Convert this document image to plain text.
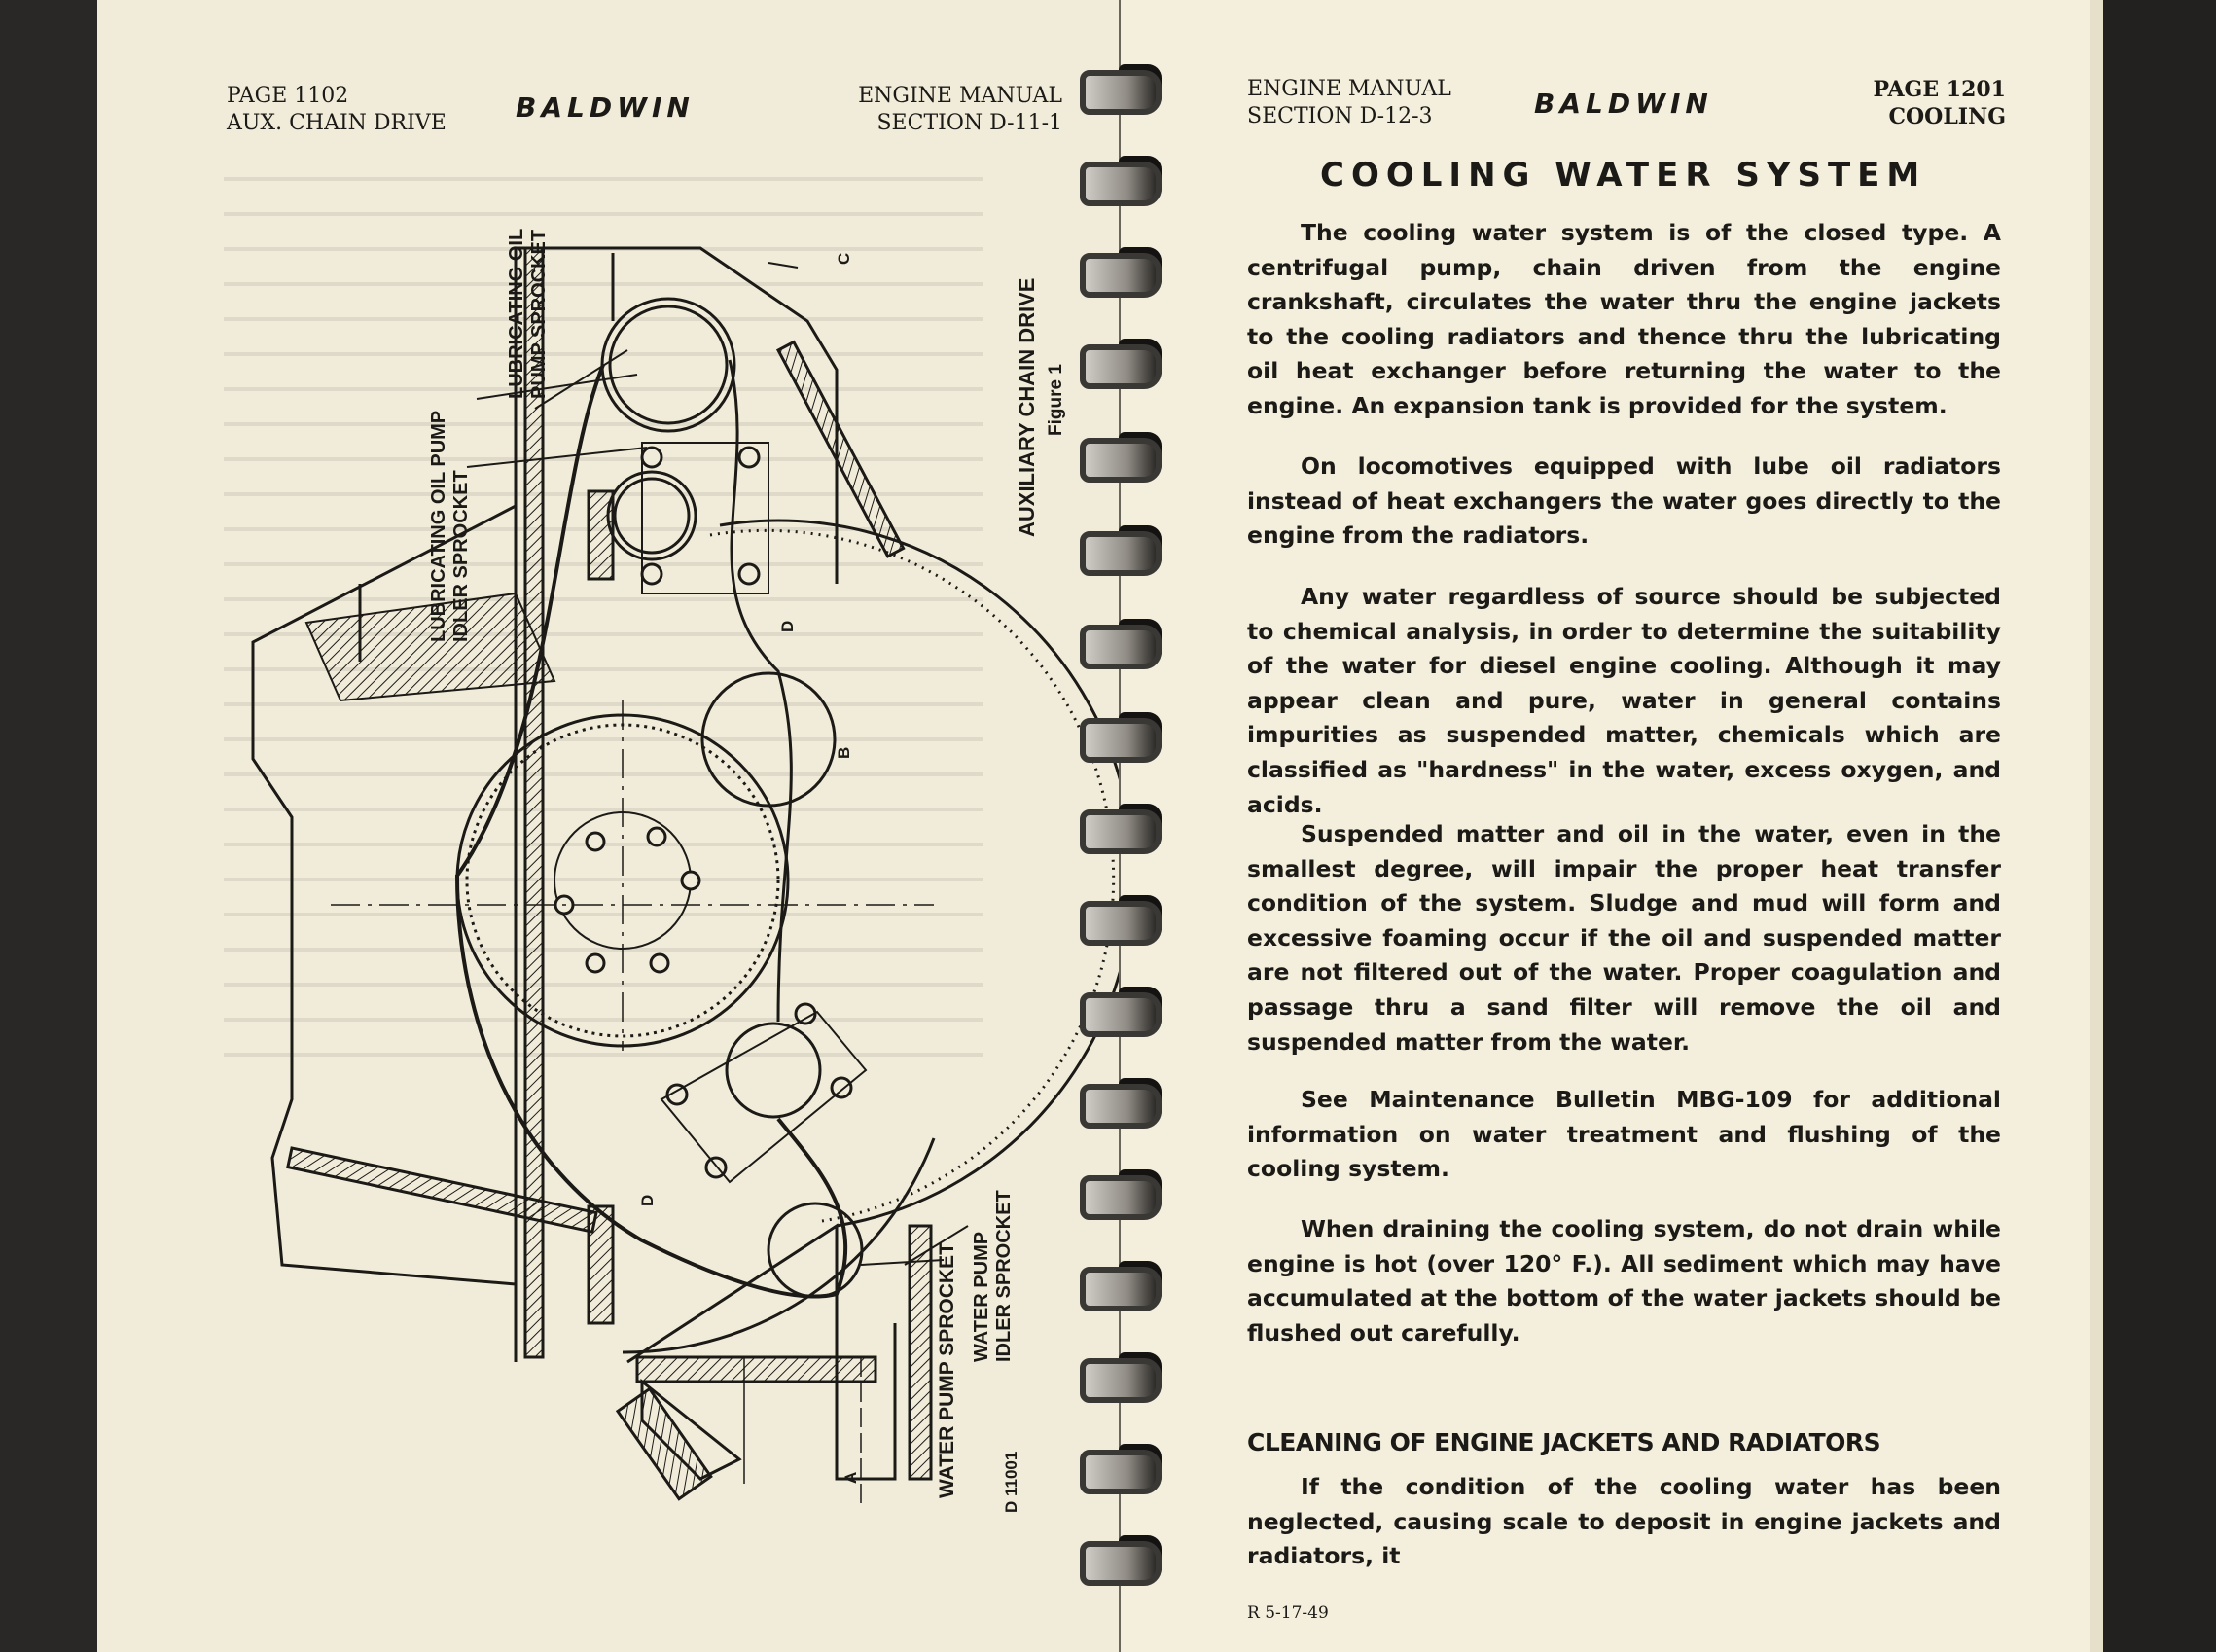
PAGE 1102
AUX. CHAIN DRIVE	BALDWIN	ENGINE MANUAL
SECTION D-11-1
LUBRICATING OIL PUMP IDLER SPROCKET
LUBRICATING OIL PUMP SPROCKET
WATER PUMP SPROCKET WATER PUMP IDLER SPROCKET
AUXILIARY CHAIN DRIVE Figure 1
D 11001
C
B
D
D
A
ENGINE MANUAL
SECTION D-12-3	BALDWIN	PAGE 1201
COOLING
COOLING WATER SYSTEM
The cooling water system is of the closed type. A centrifugal pump, chain driven from the engine crankshaft, circulates the water thru the engine jackets to the cooling radiators and thence thru the lubricating oil heat exchanger before returning the water to the engine. An expansion tank is provided for the system.
On locomotives equipped with lube oil radiators instead of heat exchangers the water goes directly to the engine from the radiators.
Any water regardless of source should be subjected to chemical analysis, in order to determine the suitability of the water for diesel engine cooling. Although it may appear clean and pure, water in general contains impurities as suspended matter, chemicals which are classified as "hardness" in the water, excess oxygen, and acids.
Suspended matter and oil in the water, even in the smallest degree, will impair the proper heat transfer condition of the system. Sludge and mud will form and excessive foaming occur if the oil and suspended matter are not filtered out of the water. Proper coagulation and passage thru a sand filter will remove the oil and suspended matter from the water.
See Maintenance Bulletin MBG-109 for additional information on water treatment and flushing of the cooling system.
When draining the cooling system, do not drain while engine is hot (over 120° F.). All sediment which may have accumulated at the bottom of the water jackets should be flushed out carefully.
CLEANING OF ENGINE JACKETS AND RADIATORS
If the condition of the cooling water has been neglected, causing scale to deposit in engine jackets and radiators, it
R 5-17-49
